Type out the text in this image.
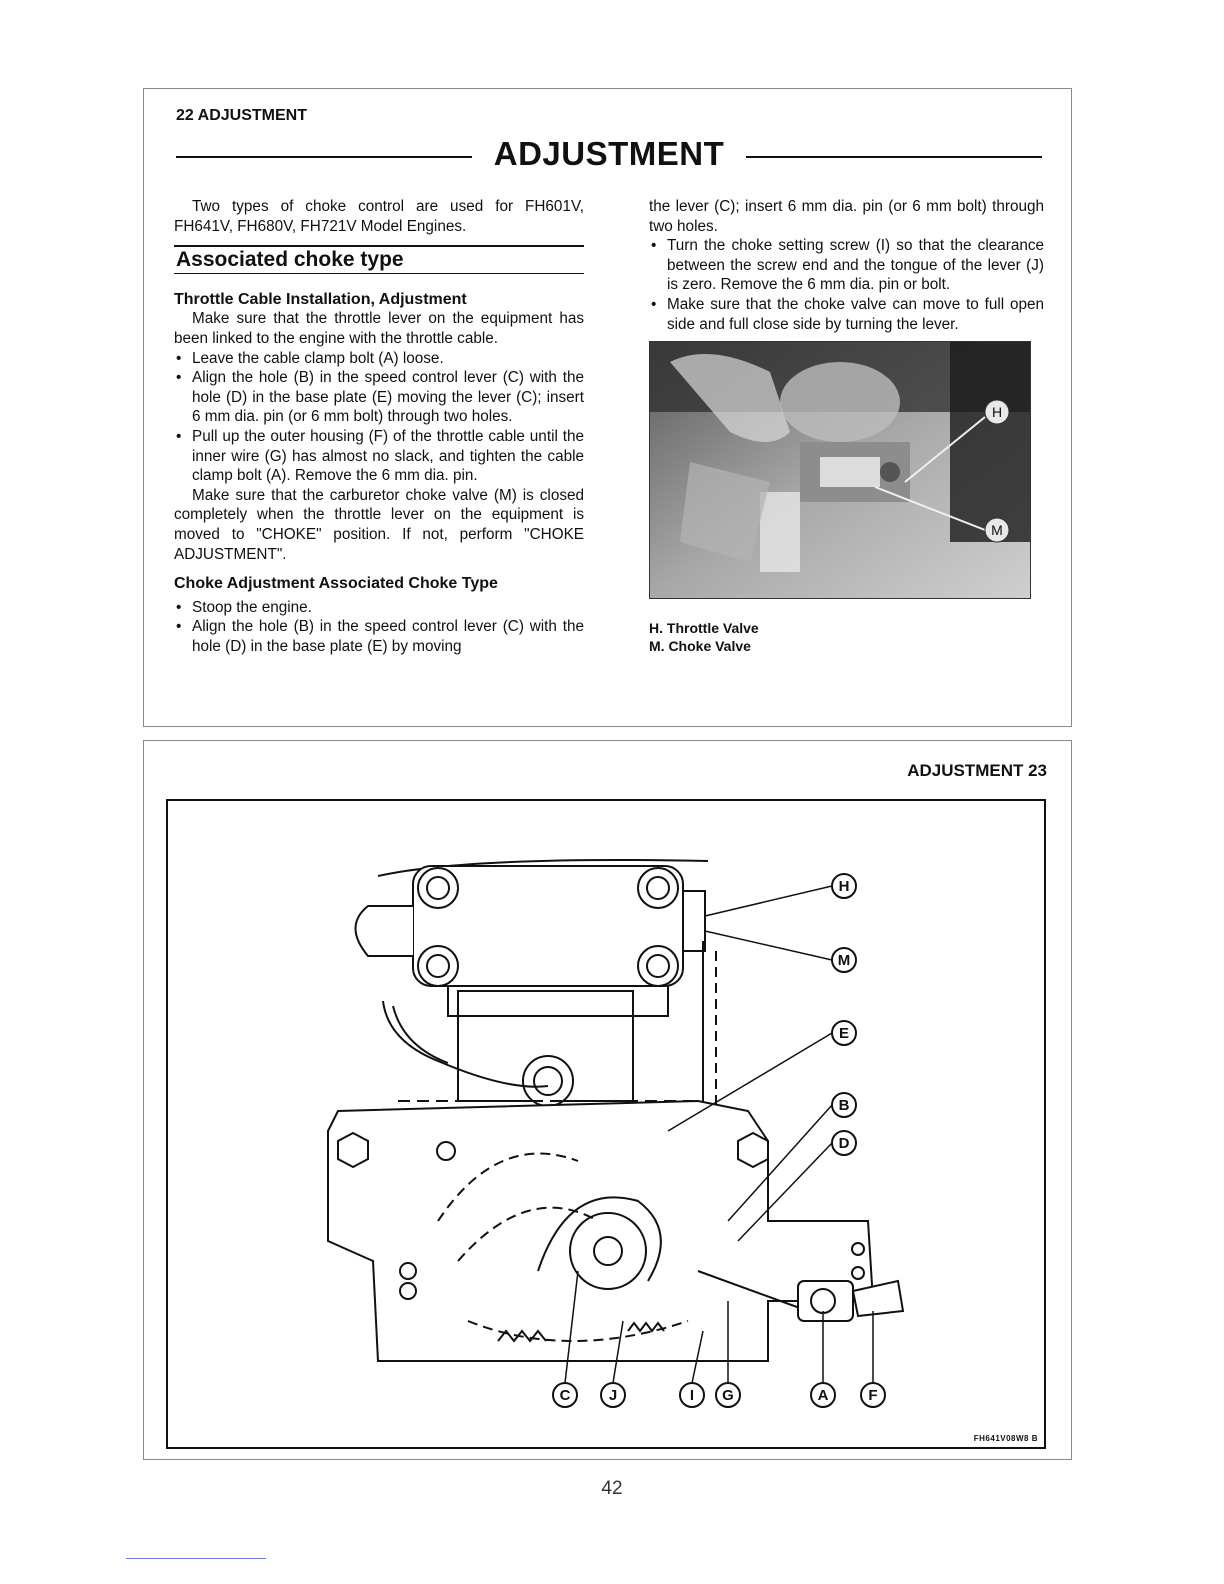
22 ADJUSTMENT
ADJUSTMENT

Two types of choke control are used for FH601V, FH641V, FH680V, FH721V Model Engines.

Associated choke type
Throttle Cable Installation, Adjustment

Make sure that the throttle lever on the equipment has been linked to the engine with the throttle cable.

• Leave the cable clamp bolt (A) loose.
• Align the hole (B) in the speed control lever (C) with the hole (D) in the base plate (E) moving the lever (C); insert 6 mm dia. pin (or 6 mm bolt) through two holes.
• Pull up the outer housing (F) of the throttle cable until the inner wire (G) has almost no slack, and tighten the cable clamp bolt (A). Remove the 6 mm dia. pin.

Make sure that the carburetor choke valve (M) is closed completely when the throttle lever on the equipment is moved to "CHOKE" position. If not, perform "CHOKE ADJUSTMENT".

Choke Adjustment Associated Choke Type
• Stoop the engine.
• Align the hole (B) in the speed control lever (C) with the hole (D) in the base plate (E) by moving

the lever (C); insert 6 mm dia. pin (or 6 mm bolt) through two holes.

• Turn the choke setting screw (I) so that the clearance between the screw end and the tongue of the lever (J) is zero. Remove the 6 mm dia. pin or bolt.
• Make sure that the choke valve can move to full open side and full close side by turning the lever.
H
M
H. Throttle Valve
M. Choke Valve
ADJUSTMENT 23
H
M
E
B
D
C	J	I G	A	F
FH641V08W8 B
42
